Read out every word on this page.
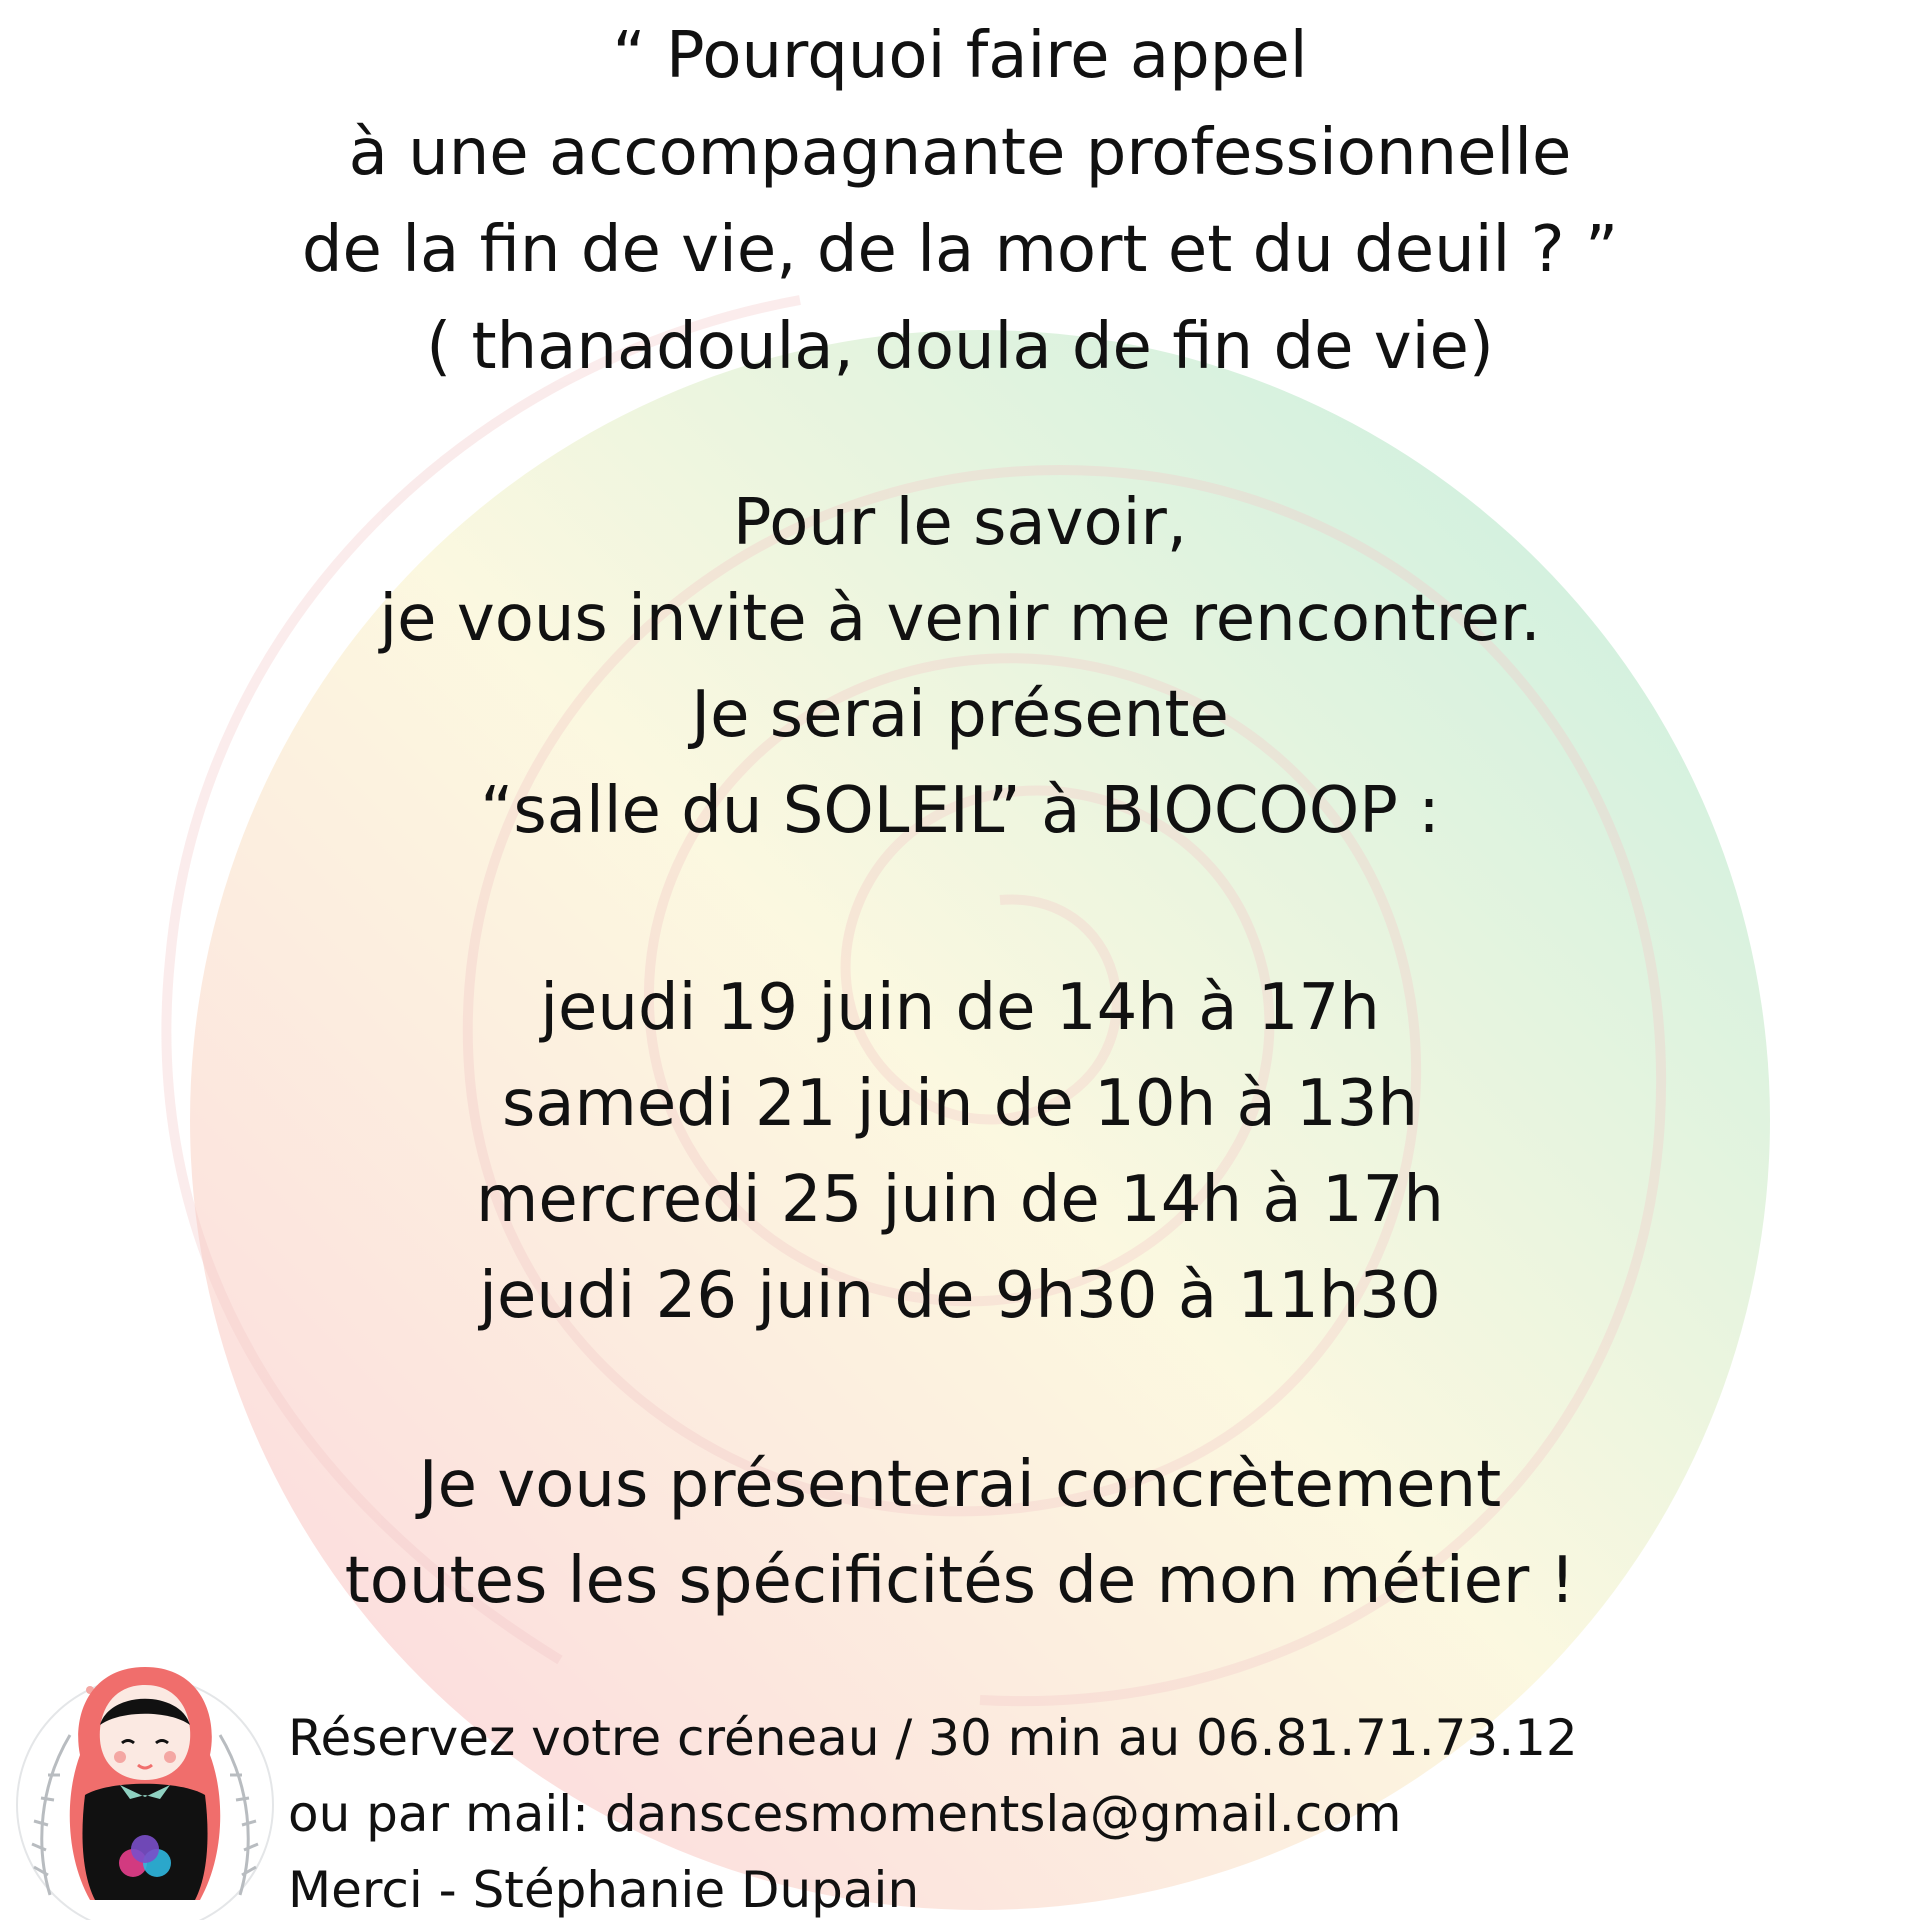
“ Pourquoi faire appel
à une accompagnante professionnelle
de la fin de vie, de la mort et du deuil ? ”
( thanadoula, doula de fin de vie)
Pour le savoir,
je vous invite à venir me rencontrer.
Je serai présente
“salle du SOLEIL” à BIOCOOP :
jeudi 19 juin de 14h à 17h
samedi 21 juin de 10h à 13h
mercredi 25 juin de 14h à 17h
jeudi 26 juin de 9h30 à 11h30
Je vous présenterai concrètement
toutes les spécificités de mon métier !
Réservez votre créneau / 30 min au 06.81.71.73.12
ou par mail: danscesmomentsla@gmail.com
Merci - Stéphanie Dupain
